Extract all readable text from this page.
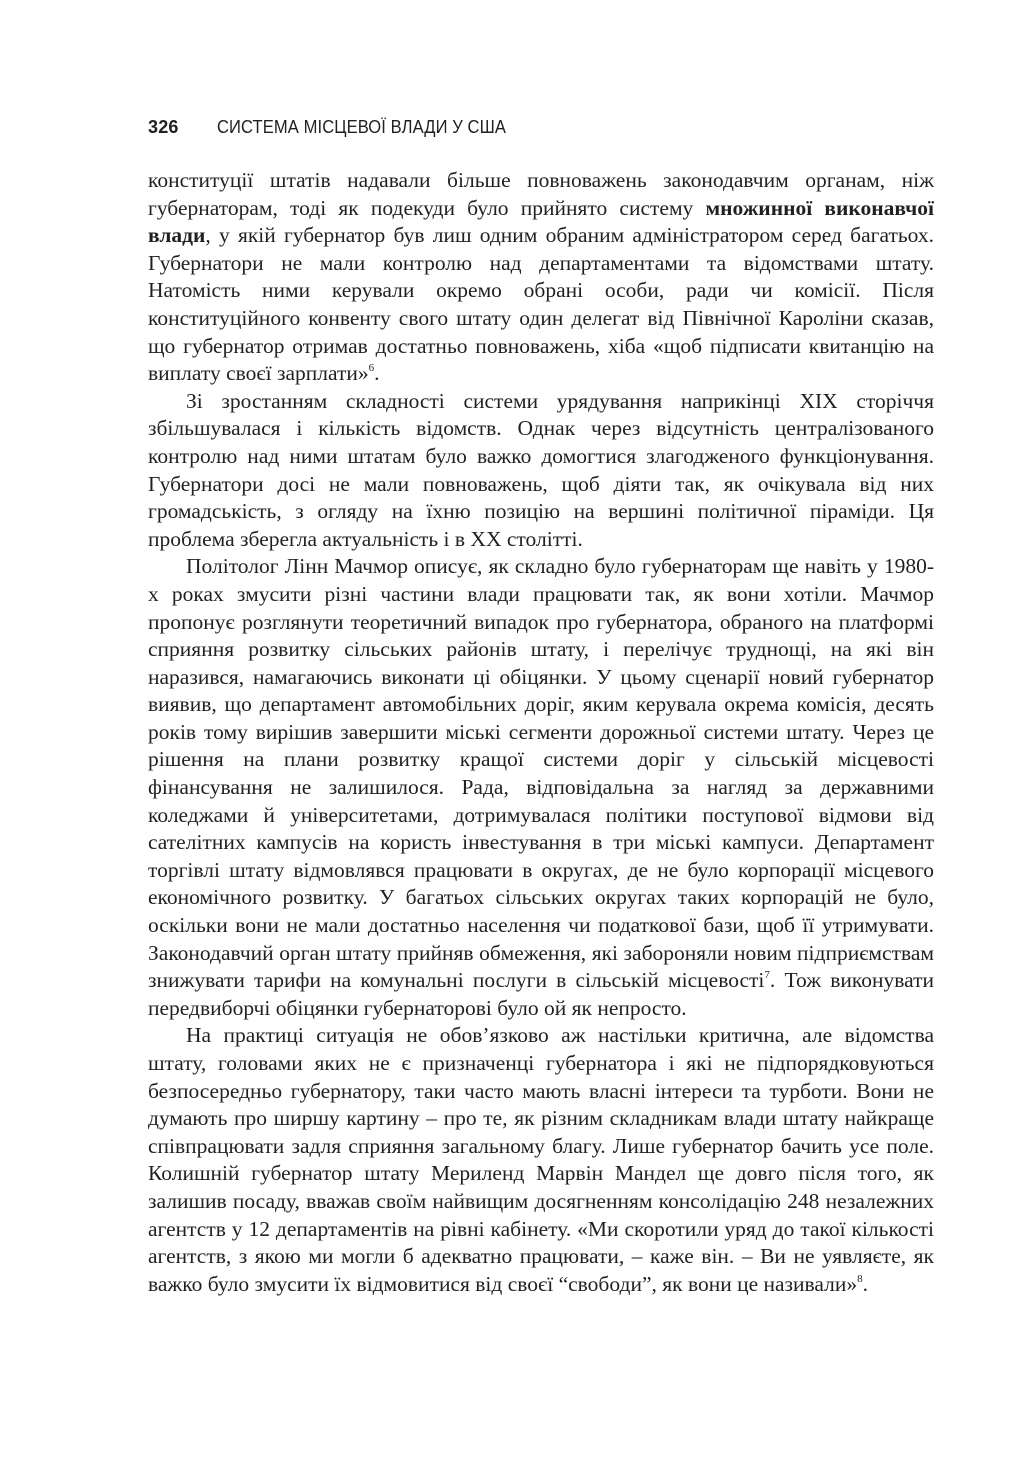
326 СИСТЕМА МІСЦЕВОЇ ВЛАДИ У США

конституції штатів надавали більше повноважень законодавчим органам, ніж губернаторам, тоді як подекуди було прийнято систему множинної виконавчої влади, у якій губернатор був лиш одним обраним адміністратором серед багатьох. Губернатори не мали контролю над департаментами та відомствами штату. Натомість ними керували окремо обрані особи, ради чи комісії. Після конституційного конвенту свого штату один делегат від Північної Кароліни сказав, що губернатор отримав достатньо повноважень, хіба «щоб підписати квитанцію на виплату своєї зарплати»$^6$.

Зі зростанням складності системи урядування наприкінці XIX сторіччя збільшувалася і кількість відомств. Однак через відсутність централізованого контролю над ними штатам було важко домогтися злагодженого функціонування. Губернатори досі не мали повноважень, щоб діяти так, як очікувала від них громадськість, з огляду на їхню позицію на вершині політичної піраміди. Ця проблема зберегла актуальність і в XX столітті.

Політолог Лінн Мачмор описує, як складно було губернаторам ще навіть у 1980-х роках змусити різні частини влади працювати так, як вони хотіли. Мачмор пропонує розглянути теоретичний випадок про губернатора, обраного на платформі сприяння розвитку сільських районів штату, і перелічує труднощі, на які він наразився, намагаючись виконати ці обіцянки. У цьому сценарії новий губернатор виявив, що департамент автомобільних доріг, яким керувала окрема комісія, десять років тому вирішив завершити міські сегменти дорожньої системи штату. Через це рішення на плани розвитку кращої системи доріг у сільській місцевості фінансування не залишилося. Рада, відповідальна за нагляд за державними коледжами й університетами, дотримувалася політики поступової відмови від сателітних кампусів на користь інвестування в три міські кампуси. Департамент торгівлі штату відмовлявся працювати в округах, де не було корпорації місцевого економічного розвитку. У багатьох сільських округах таких корпорацій не було, оскільки вони не мали достатньо населення чи податкової бази, щоб її утримувати. Законодавчий орган штату прийняв обмеження, які забороняли новим підприємствам знижувати тарифи на комунальні послуги в сільській місцевості$^7$. Тож виконувати передвиборчі обіцянки губернаторові було ой як непросто.

На практиці ситуація не обов’язково аж настільки критична, але відомства штату, головами яких не є призначенці губернатора і які не підпорядковуються безпосередньо губернатору, таки часто мають власні інтереси та турботи. Вони не думають про ширшу картину – про те, як різним складникам влади штату найкраще співпрацювати задля сприяння загальному благу. Лише губернатор бачить усе поле. Колишній губернатор штату Мериленд Марвін Мандел ще довго після того, як залишив посаду, вважав своїм найвищим досягненням консолідацію 248 незалежних агентств у 12 департаментів на рівні кабінету. «Ми скоротили уряд до такої кількості агентств, з якою ми могли б адекватно працювати, – каже він. – Ви не уявляєте, як важко було змусити їх відмовитися від своєї “свободи”, як вони це називали»$^8$.
